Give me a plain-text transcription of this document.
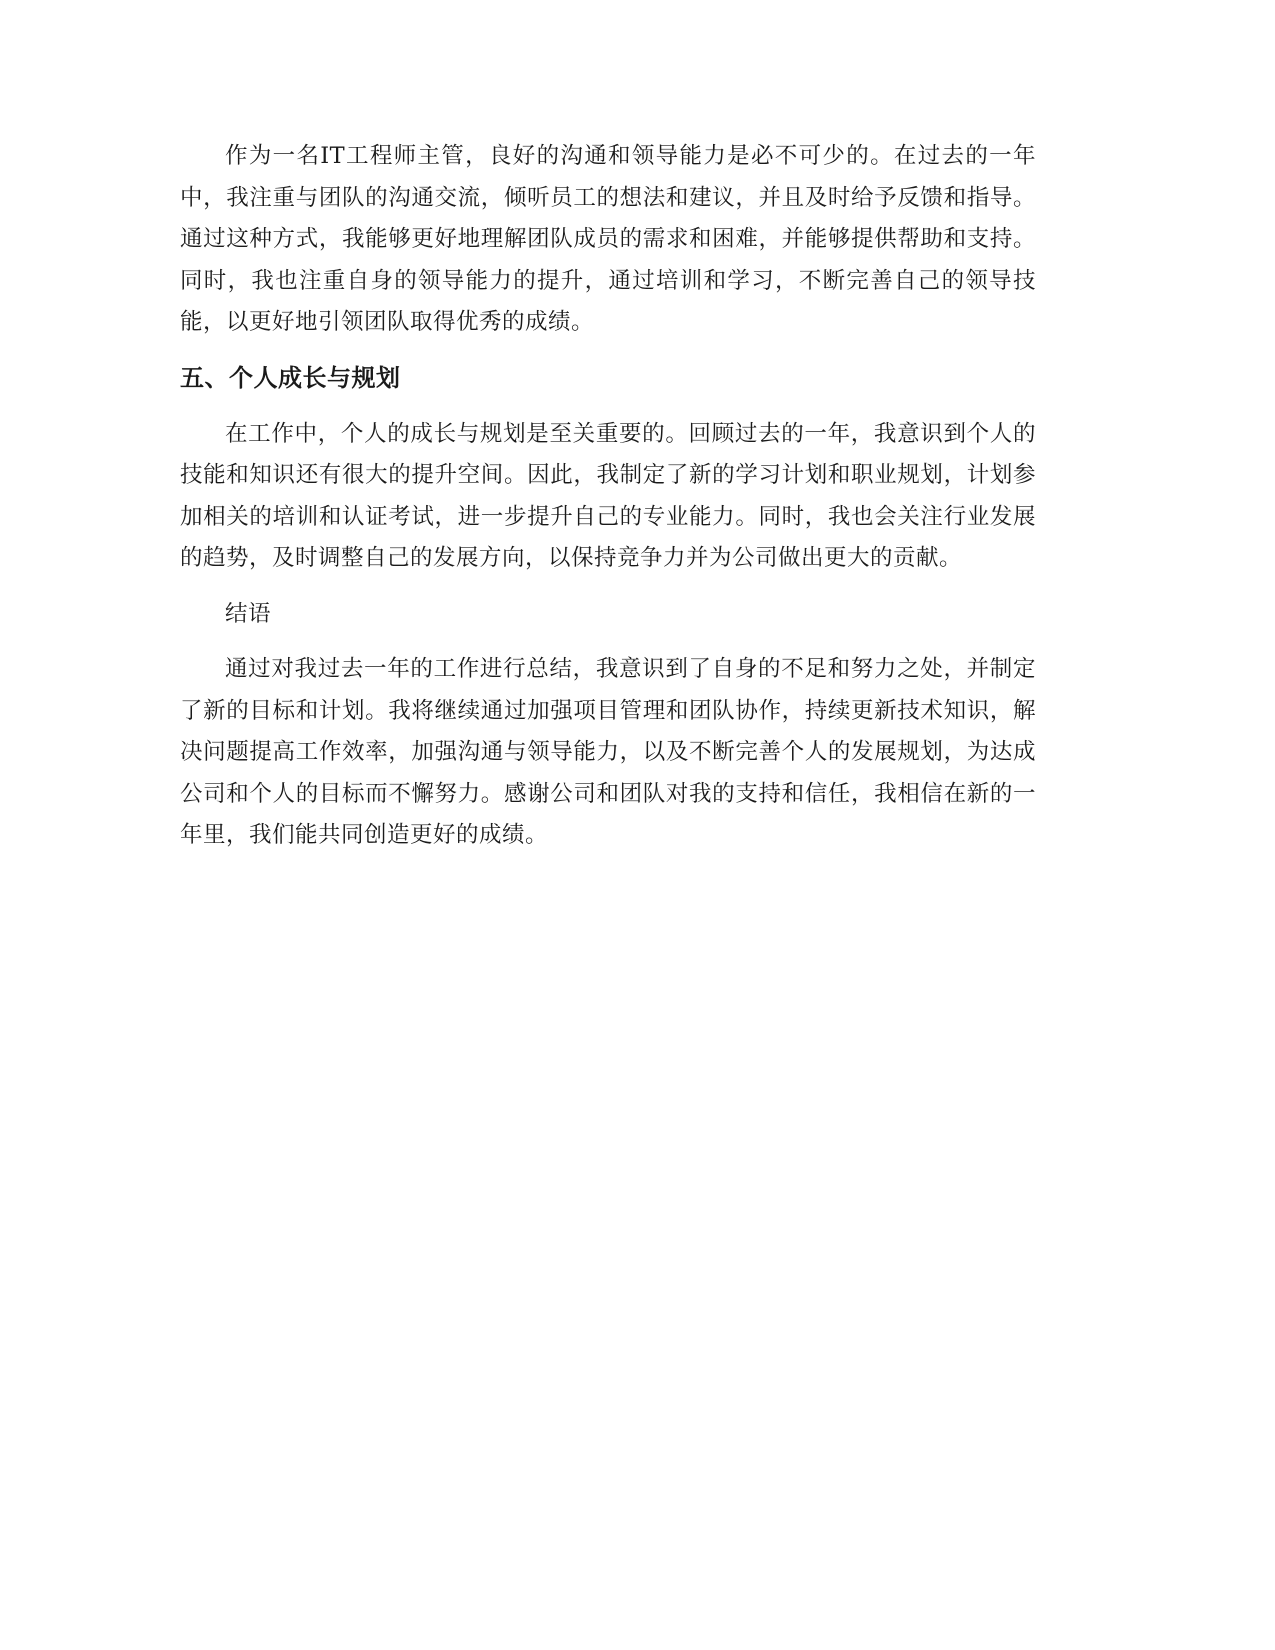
作为一名IT工程师主管，良好的沟通和领导能力是必不可少的。在过去的一年中，我注重与团队的沟通交流，倾听员工的想法和建议，并且及时给予反馈和指导。通过这种方式，我能够更好地理解团队成员的需求和困难，并能够提供帮助和支持。同时，我也注重自身的领导能力的提升，通过培训和学习，不断完善自己的领导技能，以更好地引领团队取得优秀的成绩。

五、个人成长与规划

在工作中，个人的成长与规划是至关重要的。回顾过去的一年，我意识到个人的技能和知识还有很大的提升空间。因此，我制定了新的学习计划和职业规划，计划参加相关的培训和认证考试，进一步提升自己的专业能力。同时，我也会关注行业发展的趋势，及时调整自己的发展方向，以保持竞争力并为公司做出更大的贡献。

结语

通过对我过去一年的工作进行总结，我意识到了自身的不足和努力之处，并制定了新的目标和计划。我将继续通过加强项目管理和团队协作，持续更新技术知识，解决问题提高工作效率，加强沟通与领导能力，以及不断完善个人的发展规划，为达成公司和个人的目标而不懈努力。感谢公司和团队对我的支持和信任，我相信在新的一年里，我们能共同创造更好的成绩。
